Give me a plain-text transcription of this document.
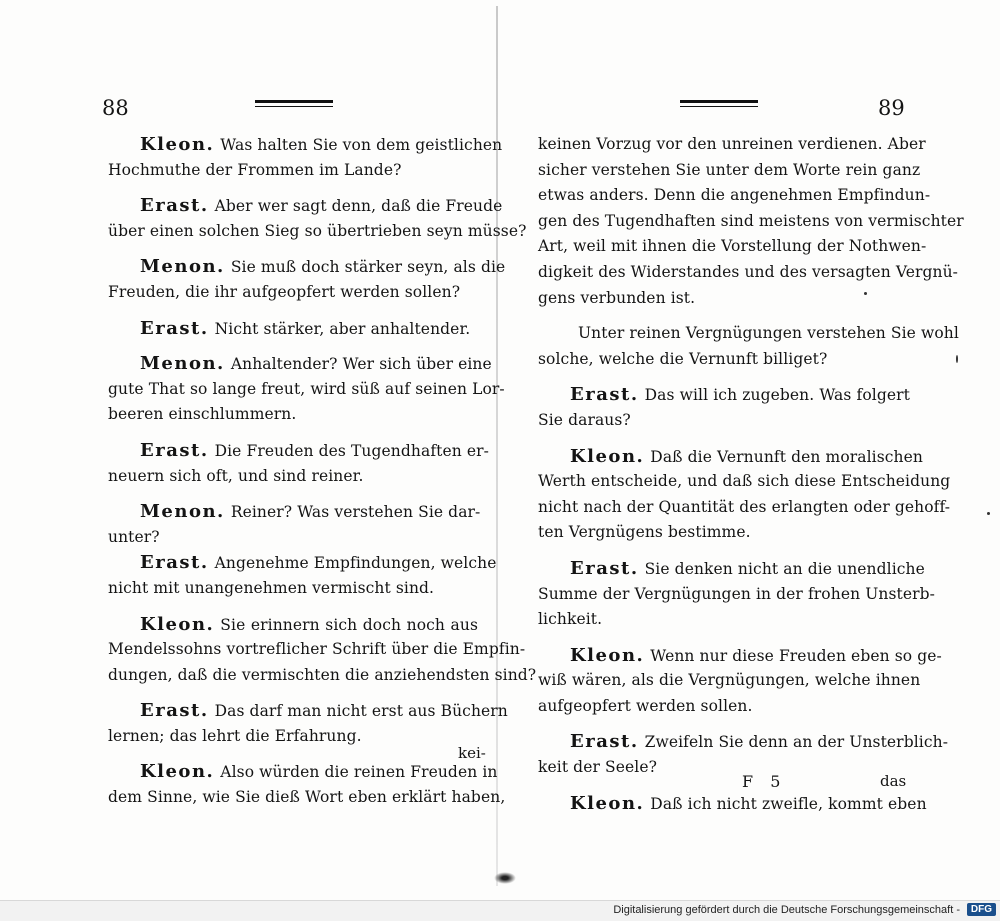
88
Kleon. Was halten Sie von dem geistlichen
Hochmuthe der Frommen im Lande?
Erast. Aber wer sagt denn, daß die Freude
über einen solchen Sieg so übertrieben seyn müsse?
Menon. Sie muß doch stärker seyn, als die
Freuden, die ihr aufgeopfert werden sollen?
Erast. Nicht stärker, aber anhaltender.
Menon. Anhaltender? Wer sich über eine
gute That so lange freut, wird süß auf seinen Lor-
beeren einschlummern.
Erast. Die Freuden des Tugendhaften er-
neuern sich oft, und sind reiner.
Menon. Reiner? Was verstehen Sie dar-
unter?
Erast. Angenehme Empfindungen, welche
nicht mit unangenehmen vermischt sind.
Kleon. Sie erinnern sich doch noch aus
Mendelssohns vortreflicher Schrift über die Empfin-
dungen, daß die vermischten die anziehendsten sind?
Erast. Das darf man nicht erst aus Büchern
lernen; das lehrt die Erfahrung.
Kleon. Also würden die reinen Freuden in
dem Sinne, wie Sie dieß Wort eben erklärt haben,
kei-
89
keinen Vorzug vor den unreinen verdienen. Aber
sicher verstehen Sie unter dem Worte rein ganz
etwas anders. Denn die angenehmen Empfindun-
gen des Tugendhaften sind meistens von vermischter
Art, weil mit ihnen die Vorstellung der Nothwen-
digkeit des Widerstandes und des versagten Vergnü-
gens verbunden ist.
Unter reinen Vergnügungen verstehen Sie wohl
solche, welche die Vernunft billiget?
Erast. Das will ich zugeben. Was folgert
Sie daraus?
Kleon. Daß die Vernunft den moralischen
Werth entscheide, und daß sich diese Entscheidung
nicht nach der Quantität des erlangten oder gehoff-
ten Vergnügens bestimme.
Erast. Sie denken nicht an die unendliche
Summe der Vergnügungen in der frohen Unsterb-
lichkeit.
Kleon. Wenn nur diese Freuden eben so ge-
wiß wären, als die Vergnügungen, welche ihnen
aufgeopfert werden sollen.
Erast. Zweifeln Sie denn an der Unsterblich-
keit der Seele?
Kleon. Daß ich nicht zweifle, kommt eben
F 5	das
Digitalisierung gefördert durch die Deutsche Forschungsgemeinschaft -	DFG
